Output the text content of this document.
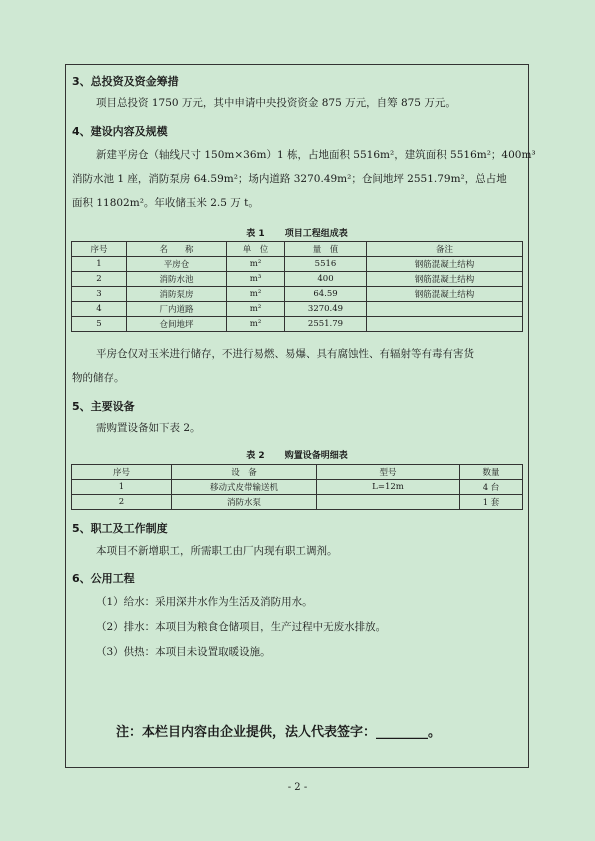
3、总投资及资金筹措
项目总投资 1750 万元，其中申请中央投资资金 875 万元，自筹 875 万元。
4、建设内容及规模
新建平房仓（轴线尺寸 150m×36m）1 栋，占地面积 5516m²，建筑面积 5516m²；400m³
消防水池 1 座，消防泵房 64.59m²；场内道路 3270.49m²；仓间地坪 2551.79m²，总占地
面积 11802m²。年收储玉米 2.5 万 t。
表 1 项目工程组成表
序号	名　　称	单　位	量　值	备注
1	平房仓	m²	5516	钢筋混凝土结构
2	消防水池	m³	400	钢筋混凝土结构
3	消防泵房	m²	64.59	钢筋混凝土结构
4	厂内道路	m²	3270.49	
5	仓间地坪	m²	2551.79	
平房仓仅对玉米进行储存，不进行易燃、易爆、具有腐蚀性、有辐射等有毒有害货
物的储存。
5、主要设备
需购置设备如下表 2。
表 2 购置设备明细表
序号	设　备	型号	数量
1	移动式皮带输送机	L=12m	4 台
2	消防水泵		1 套
5、职工及工作制度
本项目不新增职工，所需职工由厂内现有职工调剂。
6、公用工程
（1）给水：采用深井水作为生活及消防用水。
（2）排水：本项目为粮食仓储项目，生产过程中无废水排放。
（3）供热：本项目未设置取暖设施。
注：本栏目内容由企业提供，法人代表签字：________。
- 2 -
